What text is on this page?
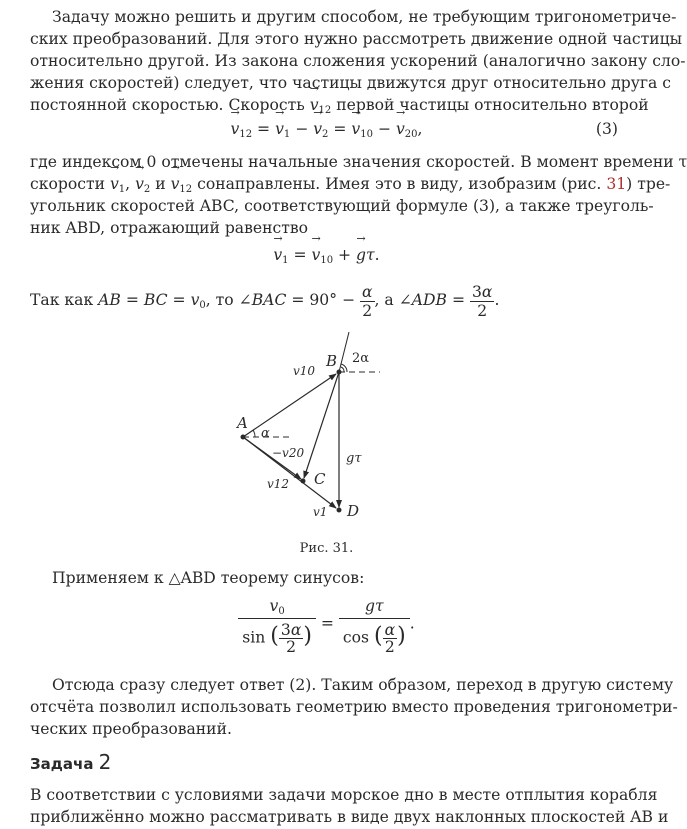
Задачу можно решить и другим способом, не требующим тригонометриче-
ских преобразований. Для этого нужно рассмотреть движение одной частицы
относительно другой. Из закона сложения ускорений (аналогично закону сло-
жения скоростей) следует, что частицы движутся друг относительно друга с
постоянной скоростью. Скорость → $v_{12}$ первой частицы относительно второй
→ $v_{12}$ = → $v_1$ − → $v_2$ = → $v_{10}$ − → $v_{20}$,	(3)
где индексом 0 отмечены начальные значения скоростей. В момент времени τ
скорости → $v_1$, → $v_2$ $и \to v_{12}$ сонаправлены. Имея это в виду, изобразим (рис. 31) тре-
угольник скоростей ABC, соответствующий формуле (3), а также треуголь-
ник ABD, отражающий равенство
→ $v_1$ = → $v_{10}$ + → gτ.
Так как AB = BC = $v_0$, то ∠BAC = $90^\circ - \frac{\alpha}{2}$ , а ∠ADB = $\frac{3\alpha}{2}$ .
A
B
C
D
2α
α
v10
−v20
v12
v1
gτ
Рис. 31.
Применяем к △ABD теорему синусов:
$\frac{v_0}{\sin ( \frac{3\alpha}{2} )} = \frac{g\tau}{\cos ( \frac{\alpha}{2} )}$ .
Отсюда сразу следует ответ (2). Таким образом, переход в другую систему
отсчёта позволил использовать геометрию вместо проведения тригонометри-
ческих преобразований.
Задача 2
В соответствии с условиями задачи морское дно в месте отплытия корабля
приближённо можно рассматривать в виде двух наклонных плоскостей AB и
